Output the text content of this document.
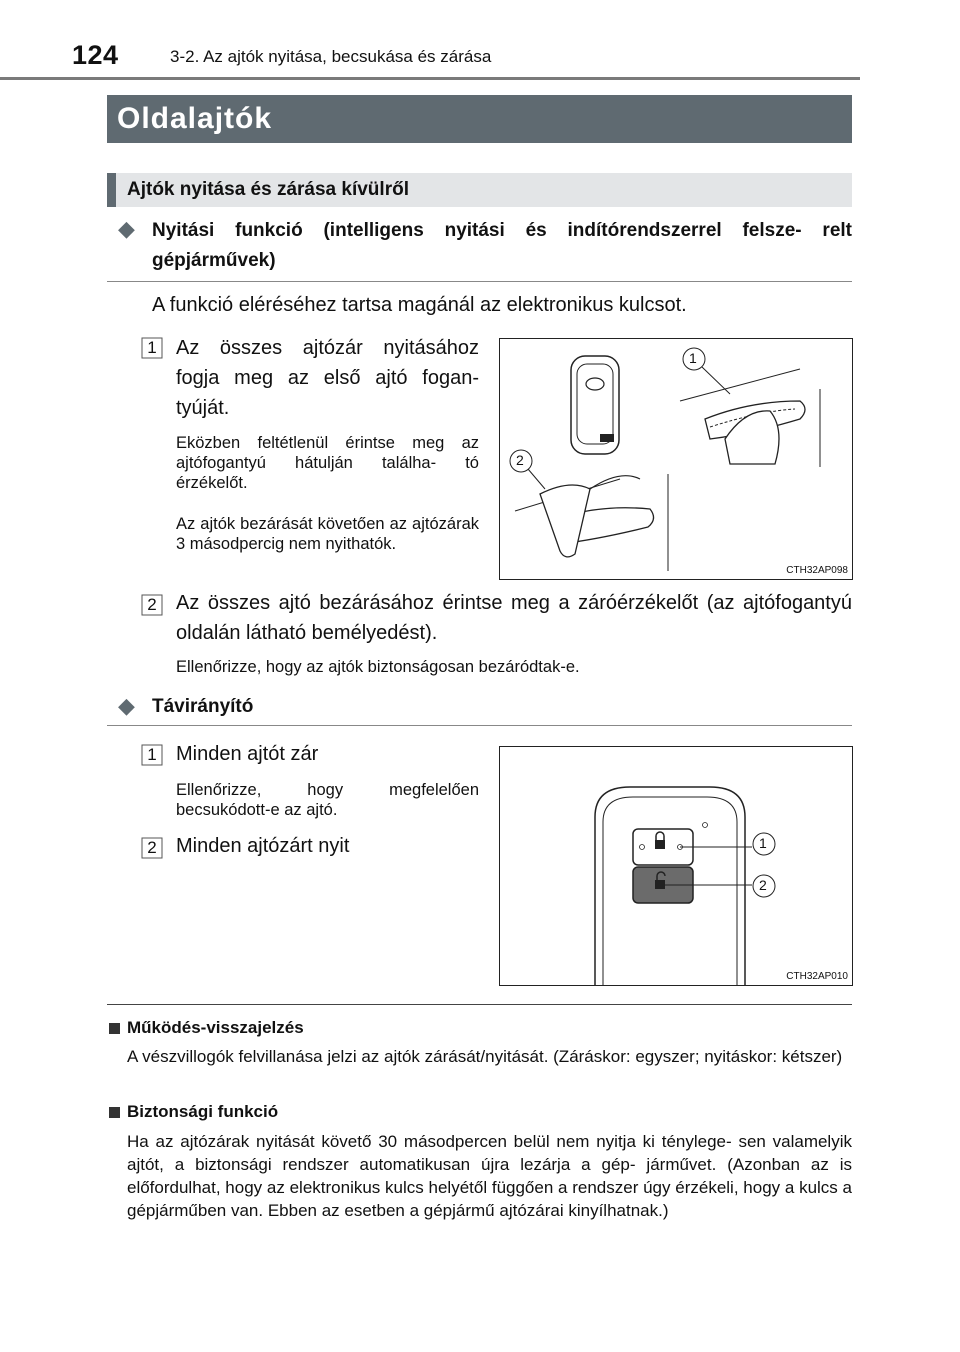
124	3-2. Az ajtók nyitása, becsukása és zárása
Oldalajtók
Ajtók nyitása és zárása kívülről
◆ Nyitási funkció (intelligens nyitási és indítórendszerrel felsze- relt gépjárművek)
A funkció eléréséhez tartsa magánál az elektronikus kulcsot.
1 Az összes ajtózár nyitásához fogja meg az első ajtó fogan- tyúját.
Eközben feltétlenül érintse meg az ajtófogantyú hátulján találha- tó érzékelőt.
Az ajtók bezárását követően az ajtózárak 3 másodpercig nem nyithatók.
1
2
CTH32AP098
2 Az összes ajtó bezárásához érintse meg a záróérzékelőt (az ajtófogantyú oldalán látható bemélyedést).
Ellenőrizze, hogy az ajtók biztonságosan bezáródtak-e.
◆ Távirányító
1 Minden ajtót zár
Ellenőrizze, hogy megfelelően becsukódott-e az ajtó.
2 Minden ajtózárt nyit	1
2
CTH32AP010
Működés-visszajelzés
A vészvillogók felvillanása jelzi az ajtók zárását/nyitását. (Záráskor: egyszer; nyitáskor: kétszer)
Biztonsági funkció
Ha az ajtózárak nyitását követő 30 másodpercen belül nem nyitja ki ténylege- sen valamelyik ajtót, a biztonsági rendszer automatikusan újra lezárja a gép- járművet. (Azonban az is előfordulhat, hogy az elektronikus kulcs helyétől függően a rendszer úgy érzékeli, hogy a kulcs a gépjárműben van. Ebben az esetben a gépjármű ajtózárai kinyílhatnak.)
